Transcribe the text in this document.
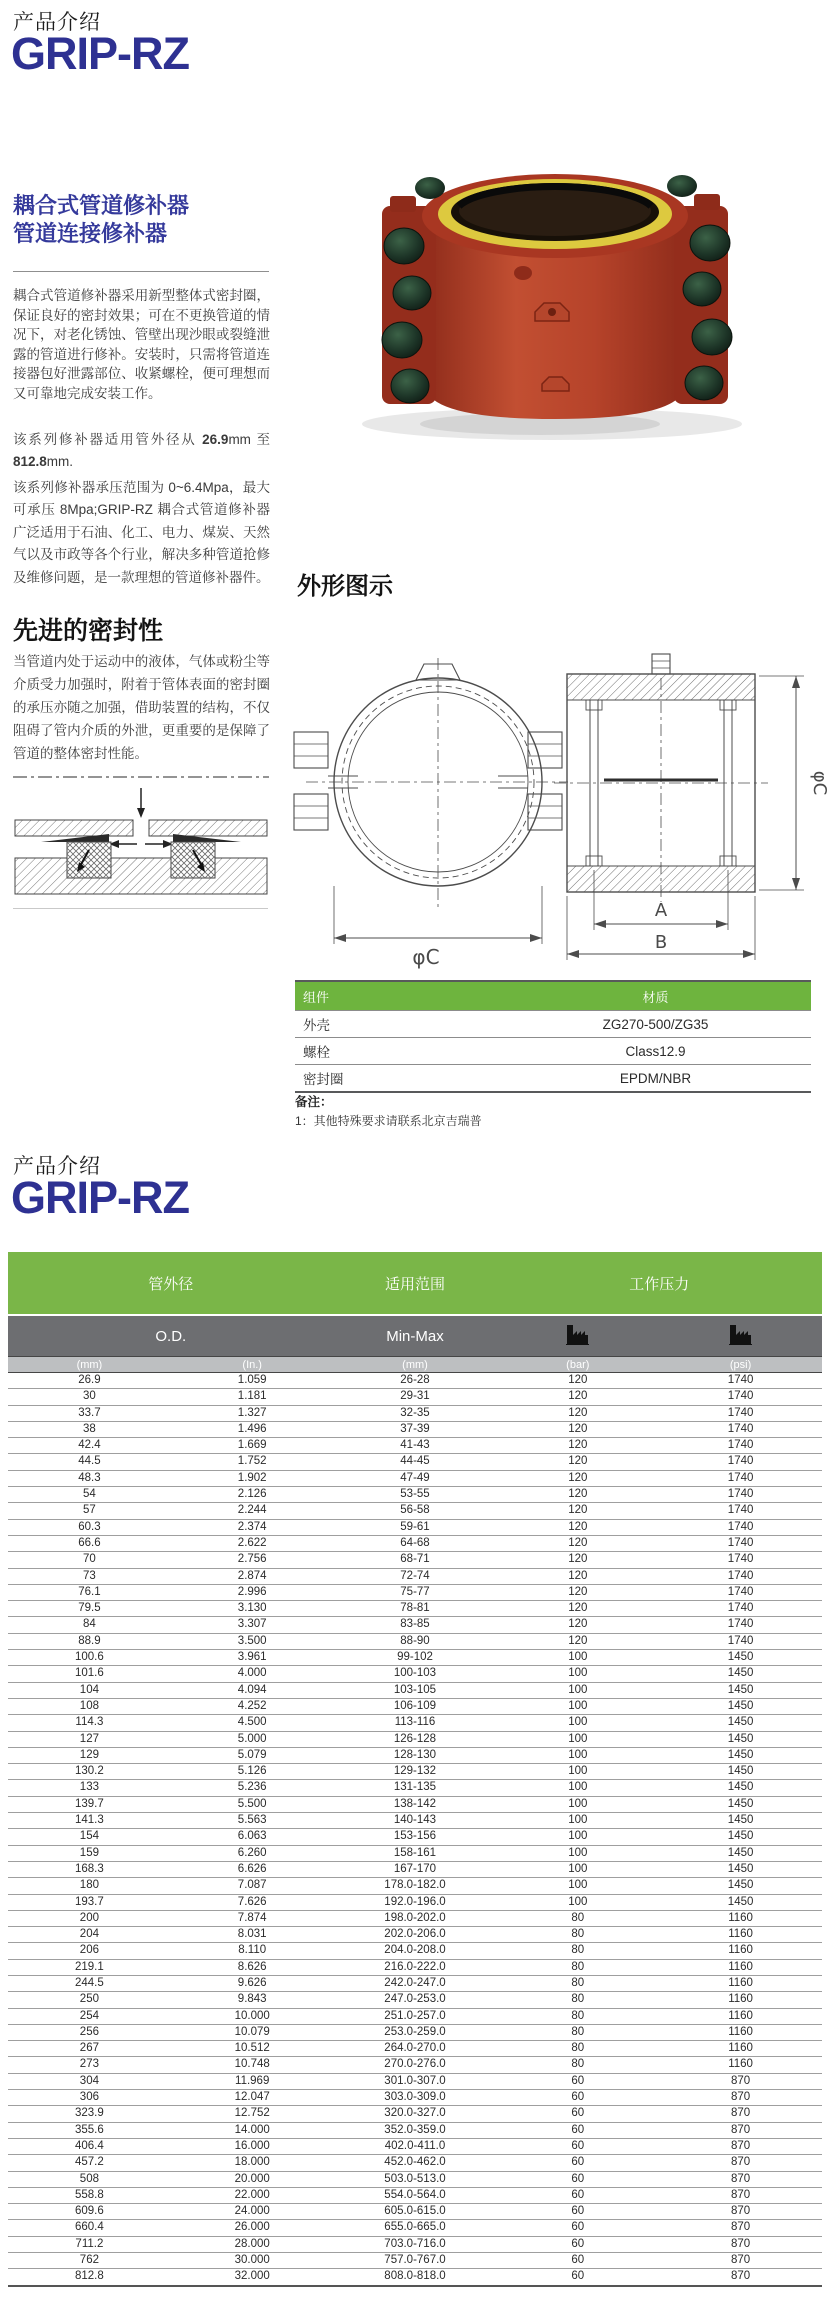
产品介绍
GRIP-RZ
耦合式管道修补器
管道连接修补器
耦合式管道修补器采用新型整体式密封圈，保证良好的密封效果；可在不更换管道的情况下，对老化锈蚀、管壁出现沙眼或裂缝泄露的管道进行修补。安装时，只需将管道连接器包好泄露部位、收紧螺栓，便可理想而又可靠地完成安装工作。
该系列修补器适用管外径从 26.9mm 至 812.8mm.
该系列修补器承压范围为 0~6.4Mpa，最大可承压 8Mpa;GRIP-RZ 耦合式管道修补器广泛适用于石油、化工、电力、煤炭、天然气以及市政等各个行业，解决多种管道抢修及维修问题，是一款理想的管道修补器件。
先进的密封性
当管道内处于运动中的液体，气体或粉尘等介质受力加强时，附着于管体表面的密封圈的承压亦随之加强，借助装置的结构，不仅阻碍了管内介质的外泄，更重要的是保障了管道的整体密封性能。
外形图示
φC
φC
A
B
组件	材质
外壳	ZG270-500/ZG35
螺栓	Class12.9
密封圈	EPDM/NBR
备注：
1：其他特殊要求请联系北京吉瑞普
产品介绍
GRIP-RZ
管外径		适用范围	工作压力	
O.D.		Min-Max		
(mm)	(In.)	(mm)	(bar)	(psi)
26.9	1.059	26-28	120	1740
30	1.181	29-31	120	1740
33.7	1.327	32-35	120	1740
38	1.496	37-39	120	1740
42.4	1.669	41-43	120	1740
44.5	1.752	44-45	120	1740
48.3	1.902	47-49	120	1740
54	2.126	53-55	120	1740
57	2.244	56-58	120	1740
60.3	2.374	59-61	120	1740
66.6	2.622	64-68	120	1740
70	2.756	68-71	120	1740
73	2.874	72-74	120	1740
76.1	2.996	75-77	120	1740
79.5	3.130	78-81	120	1740
84	3.307	83-85	120	1740
88.9	3.500	88-90	120	1740
100.6	3.961	99-102	100	1450
101.6	4.000	100-103	100	1450
104	4.094	103-105	100	1450
108	4.252	106-109	100	1450
114.3	4.500	113-116	100	1450
127	5.000	126-128	100	1450
129	5.079	128-130	100	1450
130.2	5.126	129-132	100	1450
133	5.236	131-135	100	1450
139.7	5.500	138-142	100	1450
141.3	5.563	140-143	100	1450
154	6.063	153-156	100	1450
159	6.260	158-161	100	1450
168.3	6.626	167-170	100	1450
180	7.087	178.0-182.0	100	1450
193.7	7.626	192.0-196.0	100	1450
200	7.874	198.0-202.0	80	1160
204	8.031	202.0-206.0	80	1160
206	8.110	204.0-208.0	80	1160
219.1	8.626	216.0-222.0	80	1160
244.5	9.626	242.0-247.0	80	1160
250	9.843	247.0-253.0	80	1160
254	10.000	251.0-257.0	80	1160
256	10.079	253.0-259.0	80	1160
267	10.512	264.0-270.0	80	1160
273	10.748	270.0-276.0	80	1160
304	11.969	301.0-307.0	60	870
306	12.047	303.0-309.0	60	870
323.9	12.752	320.0-327.0	60	870
355.6	14.000	352.0-359.0	60	870
406.4	16.000	402.0-411.0	60	870
457.2	18.000	452.0-462.0	60	870
508	20.000	503.0-513.0	60	870
558.8	22.000	554.0-564.0	60	870
609.6	24.000	605.0-615.0	60	870
660.4	26.000	655.0-665.0	60	870
711.2	28.000	703.0-716.0	60	870
762	30.000	757.0-767.0	60	870
812.8	32.000	808.0-818.0	60	870
